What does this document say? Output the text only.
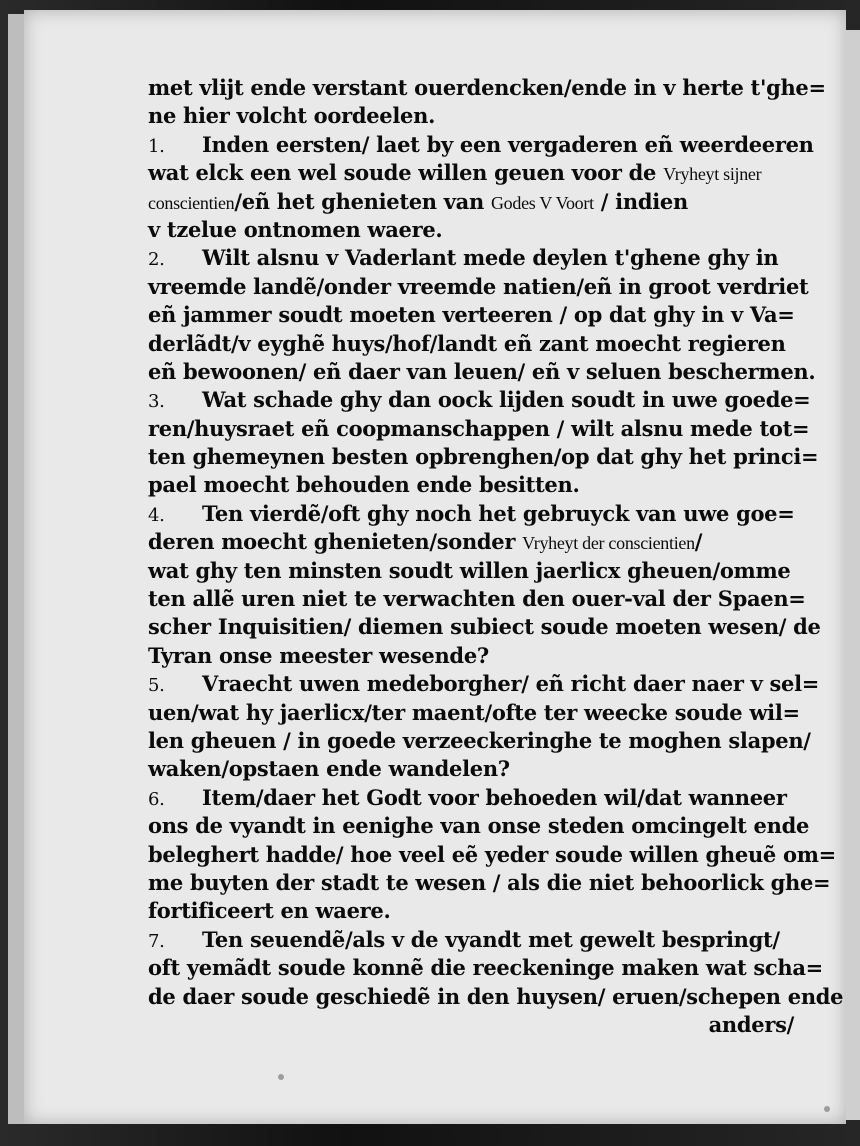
met vlijt ende verstant ouerdencken/ende in v herte t'ghe=
ne hier volcht oordeelen.
1. Inden eersten/ laet by een vergaderen eñ weerdeeren
wat elck een wel soude willen geuen voor de Vryheyt sijner
conscientien/eñ het ghenieten van Godes V Voort / indien
v tzelue ontnomen waere.
2. Wilt alsnu v Vaderlant mede deylen t'ghene ghy in
vreemde landẽ/onder vreemde natien/eñ in groot verdriet
eñ jammer soudt moeten verteeren / op dat ghy in v Va=
derlãdt/v eyghẽ huys/hof/landt eñ zant moecht regieren
eñ bewoonen/ eñ daer van leuen/ eñ v seluen beschermen.
3. Wat schade ghy dan oock lijden soudt in uwe goede=
ren/huysraet eñ coopmanschappen / wilt alsnu mede tot=
ten ghemeynen besten opbrenghen/op dat ghy het princi=
pael moecht behouden ende besitten.
4. Ten vierdẽ/oft ghy noch het gebruyck van uwe goe=
deren moecht ghenieten/sonder Vryheyt der conscientien/
wat ghy ten minsten soudt willen jaerlicx gheuen/omme
ten allẽ uren niet te verwachten den ouer-val der Spaen=
scher Inquisitien/ diemen subiect soude moeten wesen/ de
Tyran onse meester wesende?
5. Vraecht uwen medeborgher/ eñ richt daer naer v sel=
uen/wat hy jaerlicx/ter maent/ofte ter weecke soude wil=
len gheuen / in goede verzeeckeringhe te moghen slapen/
waken/opstaen ende wandelen?
6. Item/daer het Godt voor behoeden wil/dat wanneer
ons de vyandt in eenighe van onse steden omcingelt ende
beleghert hadde/ hoe veel eẽ yeder soude willen gheuẽ om=
me buyten der stadt te wesen / als die niet behoorlick ghe=
fortificeert en waere.
7. Ten seuendẽ/als v de vyandt met gewelt bespringt/
oft yemãdt soude konnẽ die reeckeninge maken wat scha=
de daer soude geschiedẽ in den huysen/ eruen/schepen ende
anders/
